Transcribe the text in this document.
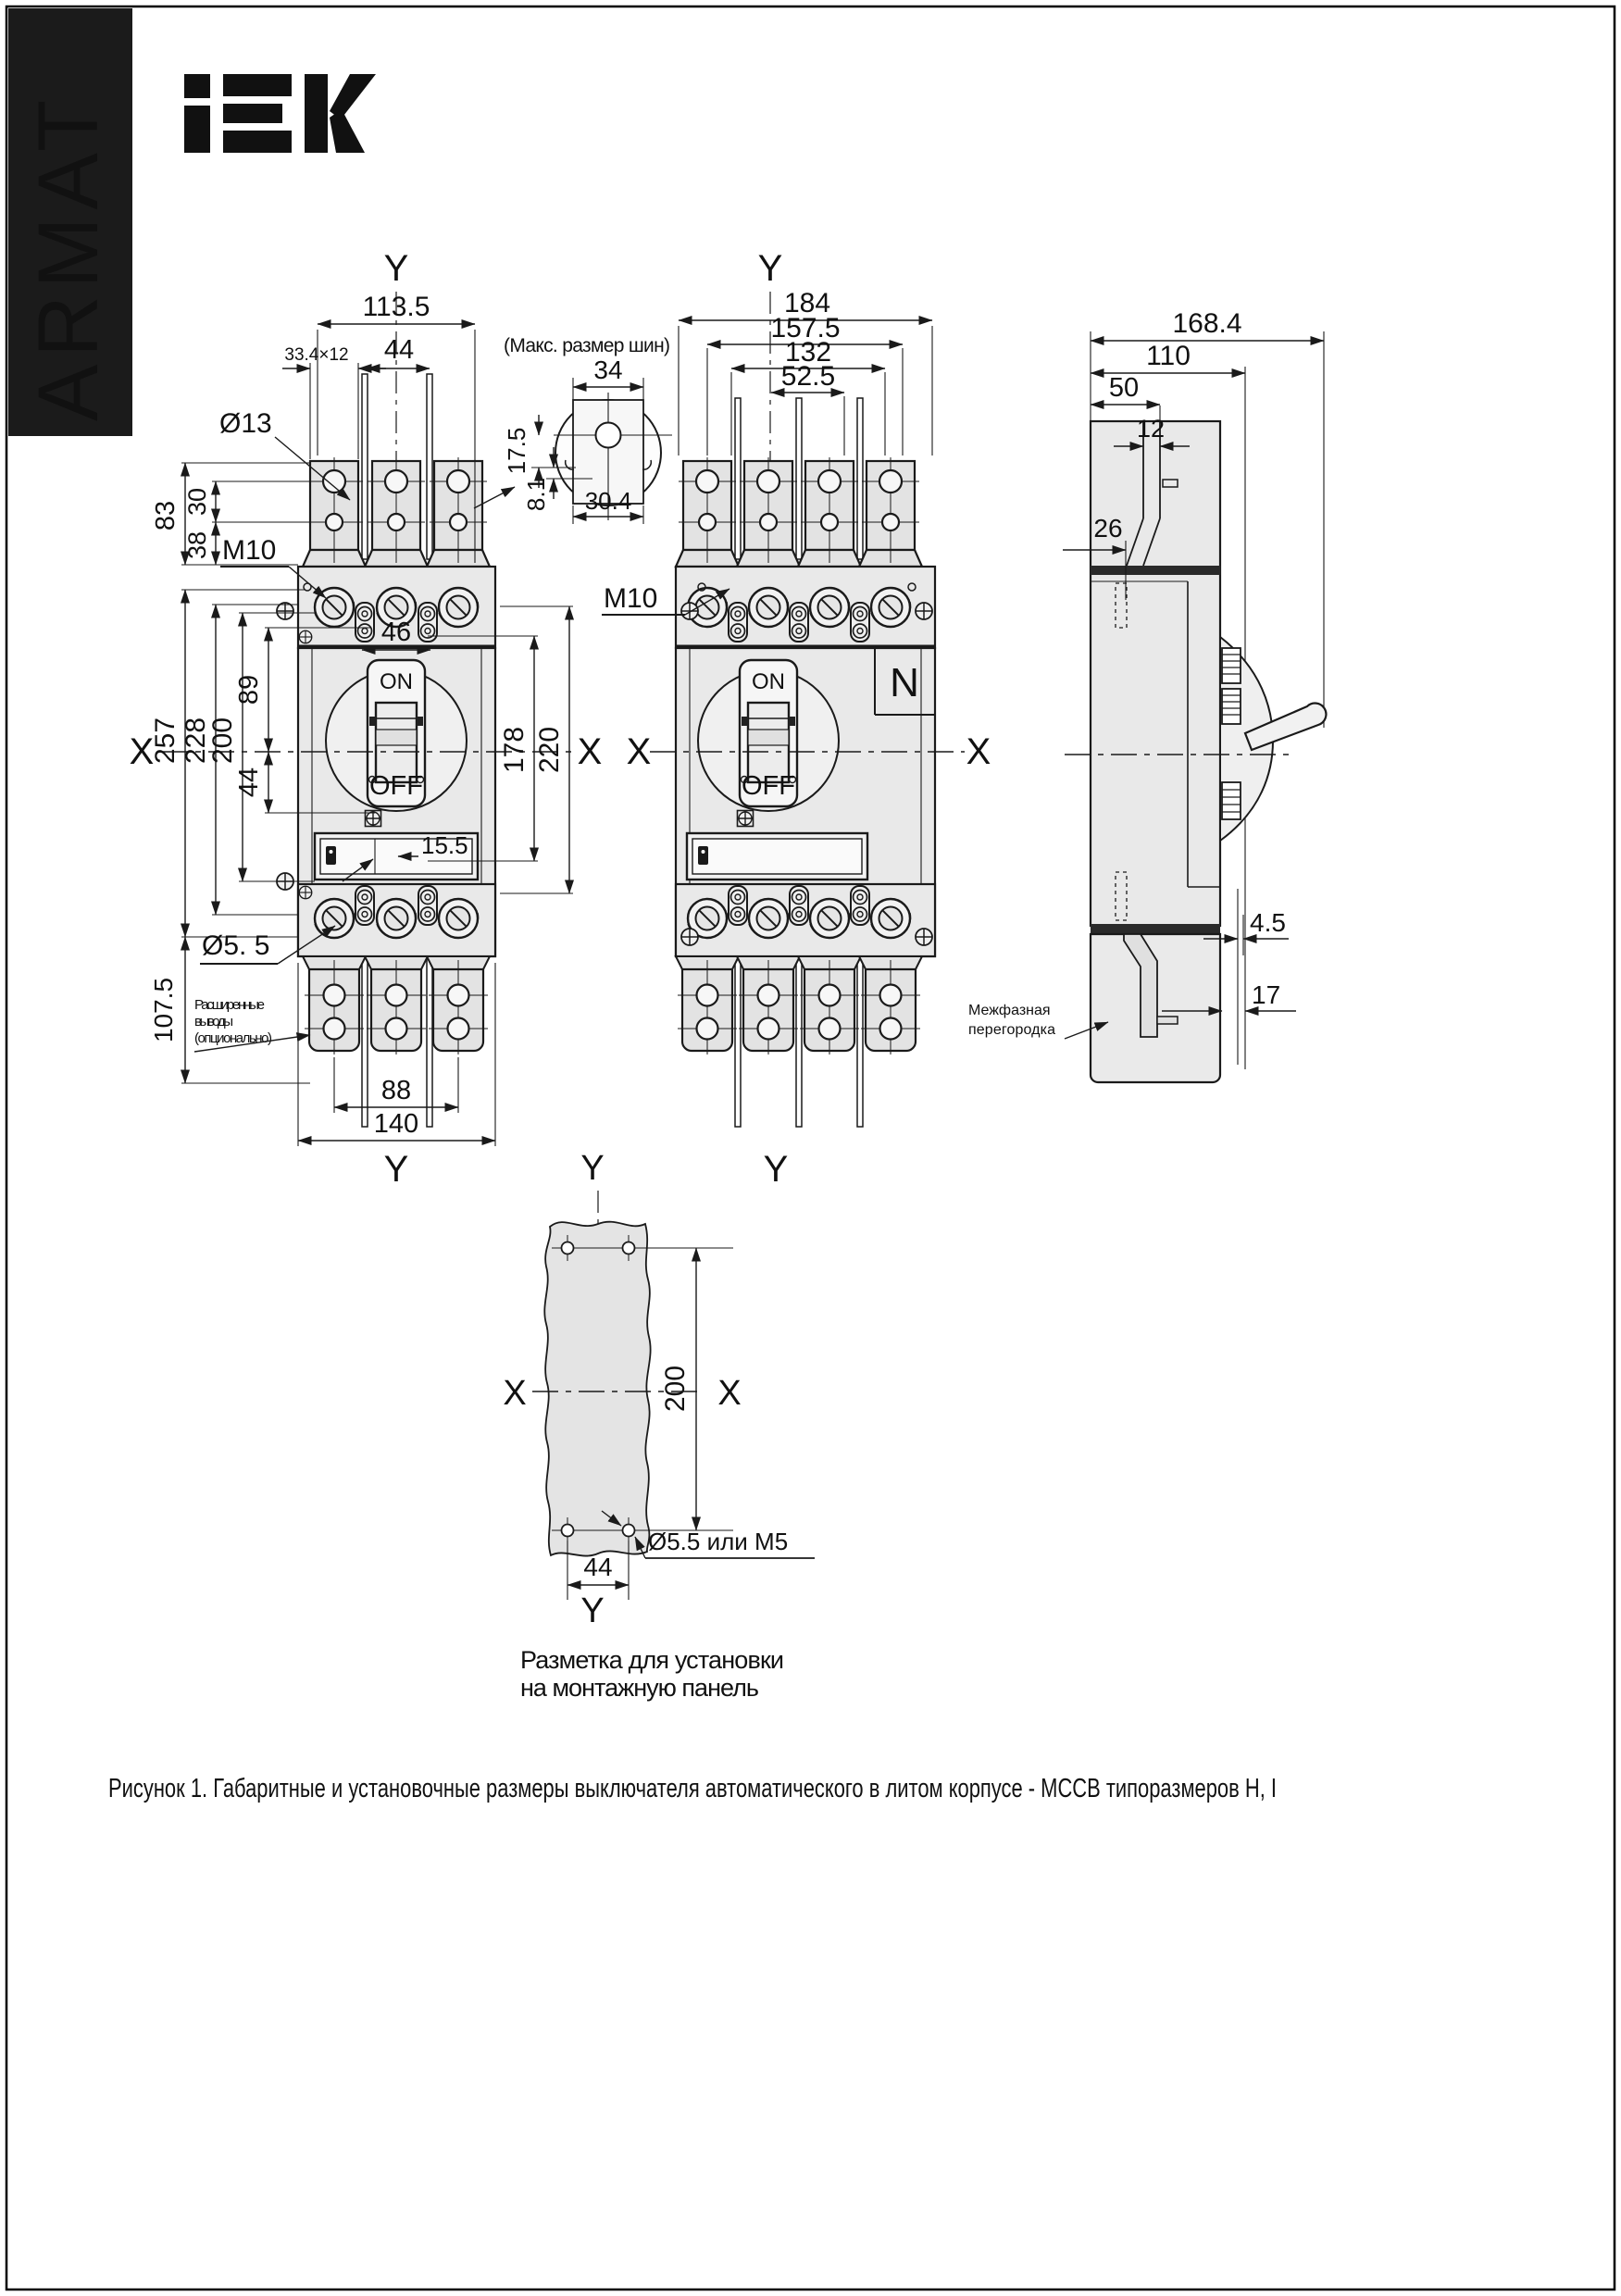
ARMAT	Y
ON
OFF
X	X
113.5
33.4×12 44
Ø13
83 30
38 M10
257 228
200
89
44
46
15.5
178 220
Ø5. 5
107.5 Расширенные
выводы
(опционально)
88
140
Y
(Макс. размер шин)
34
17.5
8.1 30.4
Y
ON
OFF
N
X	X
Y
184
157.5
132
52.5
M10
168.4
110
50
12
26
4.5
17
Межфазная
перегородка
Y
200
X	X
Ø5.5 или M5
44
Y
Разметка для установки
на монтажную панель
Рисунок 1. Габаритные и установочные размеры выключателя автоматического в литом корпусе - МССВ типоразмеров Н, I
